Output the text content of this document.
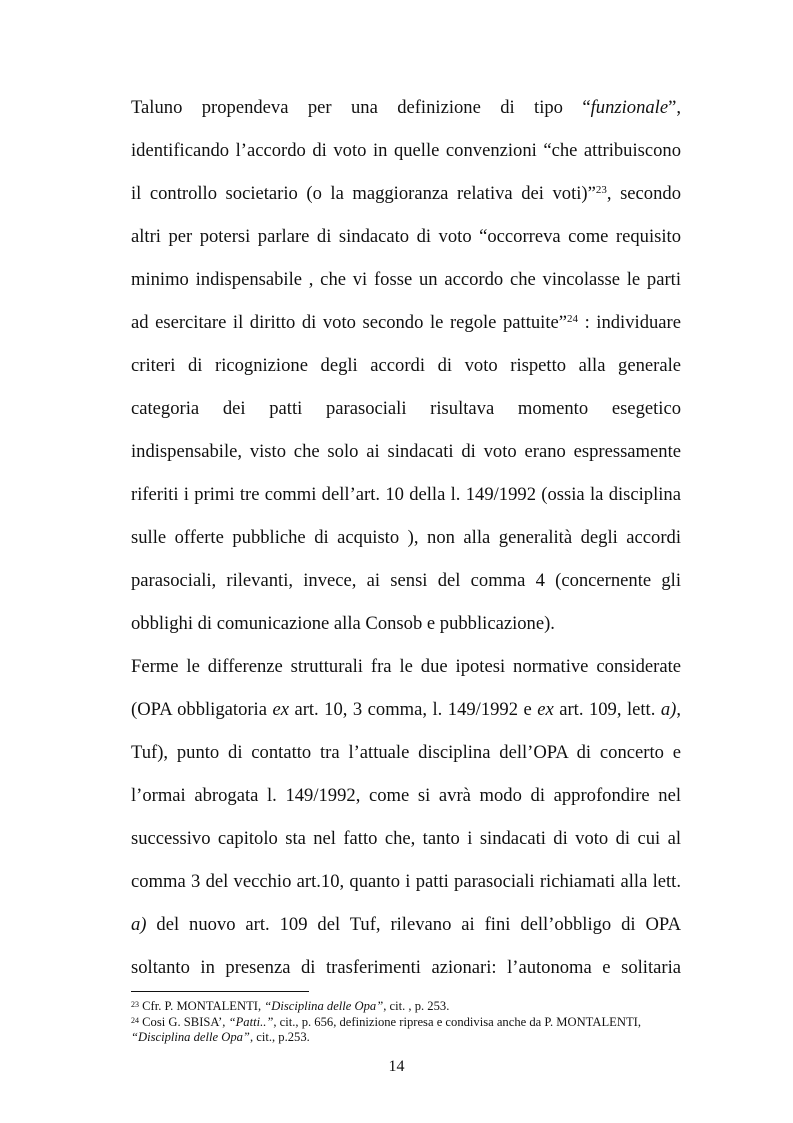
Taluno propendeva per una definizione di tipo “funzionale”,
identificando l’accordo di voto in quelle convenzioni “che attribuiscono
il controllo societario (o la maggioranza relativa dei voti)”$^{23}$, secondo
altri per potersi parlare di sindacato di voto “occorreva come requisito
minimo indispensabile , che vi fosse un accordo che vincolasse le parti
ad esercitare il diritto di voto secondo le regole pattuite”$^{24}$ : individuare
criteri di ricognizione degli accordi di voto rispetto alla generale
categoria dei patti parasociali risultava momento esegetico
indispensabile, visto che solo ai sindacati di voto erano espressamente
riferiti i primi tre commi dell’art. 10 della l. 149/1992 (ossia la disciplina
sulle offerte pubbliche di acquisto ), non alla generalità degli accordi
parasociali, rilevanti, invece, ai sensi del comma 4 (concernente gli
obblighi di comunicazione alla Consob e pubblicazione).
Ferme le differenze strutturali fra le due ipotesi normative considerate
(OPA obbligatoria ex art. 10, 3 comma, l. 149/1992 e ex art. 109, lett. a),
Tuf), punto di contatto tra l’attuale disciplina dell’OPA di concerto e
l’ormai abrogata l. 149/1992, come si avrà modo di approfondire nel
successivo capitolo sta nel fatto che, tanto i sindacati di voto di cui al
comma 3 del vecchio art.10, quanto i patti parasociali richiamati alla lett.
a) del nuovo art. 109 del Tuf, rilevano ai fini dell’obbligo di OPA
soltanto in presenza di trasferimenti azionari: l’autonoma e solitaria
$^{23}$ Cfr. P. MONTALENTI, “Disciplina delle Opa”, cit. , p. 253.
$^{24}$ Cosi G. SBISA’, “Patti..”, cit., p. 656, definizione ripresa e condivisa anche da P. MONTALENTI,
“Disciplina delle Opa”, cit., p.253.
14
